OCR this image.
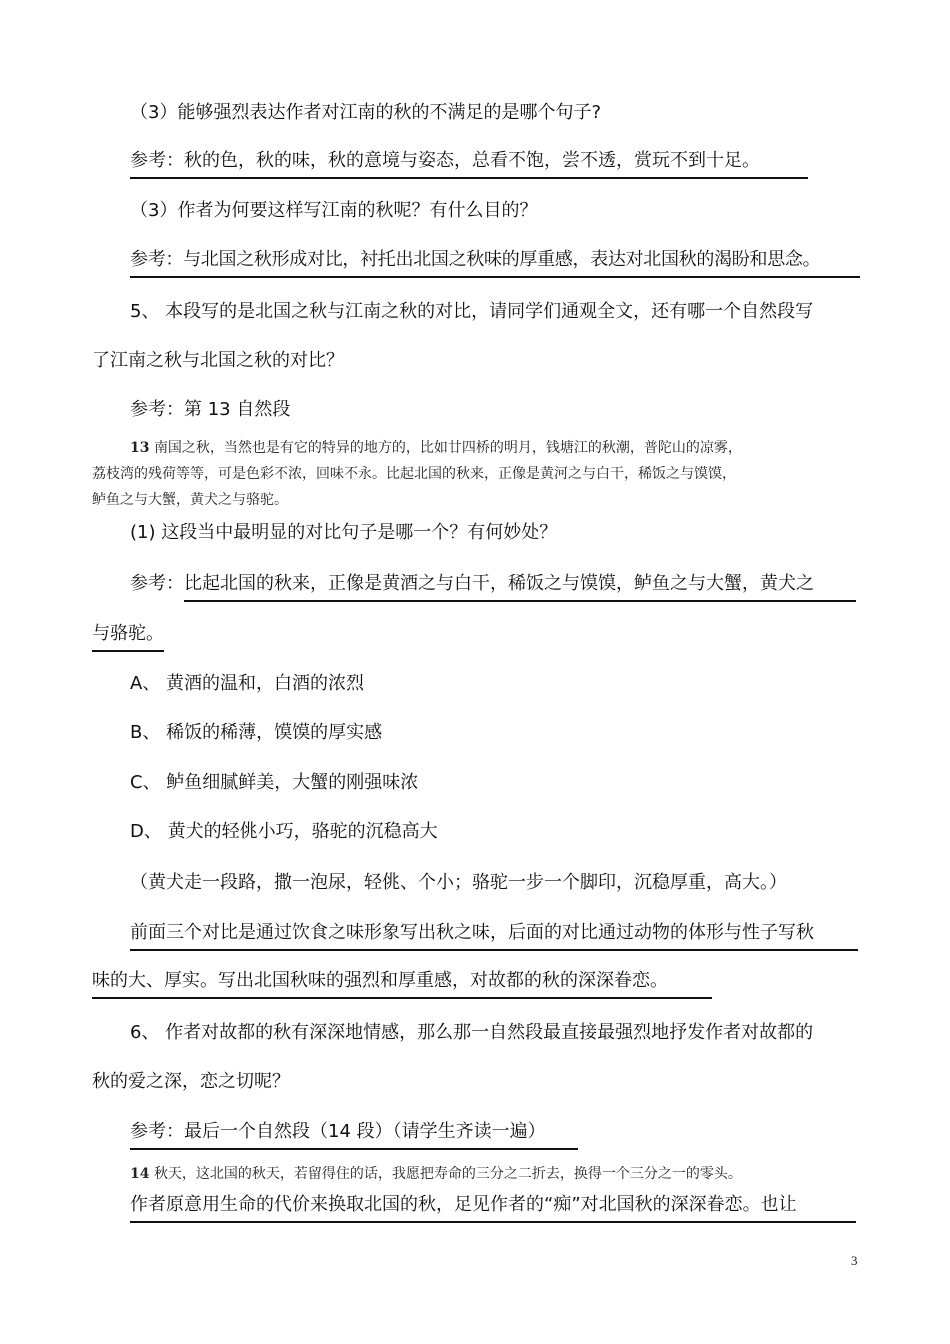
（3）能够强烈表达作者对江南的秋的不满足的是哪个句子?
参考：秋的色，秋的味，秋的意境与姿态，总看不饱，尝不透，赏玩不到十足。
（3）作者为何要这样写江南的秋呢？有什么目的？
参考：与北国之秋形成对比，衬托出北国之秋味的厚重感，表达对北国秋的渴盼和思念。
5、 本段写的是北国之秋与江南之秋的对比，请同学们通观全文，还有哪一个自然段写
了江南之秋与北国之秋的对比？
参考：第 13 自然段
13 南国之秋，当然也是有它的特异的地方的，比如廿四桥的明月，钱塘江的秋潮，普陀山的凉雾，
荔枝湾的残荷等等，可是色彩不浓，回味不永。比起北国的秋来，正像是黄河之与白干，稀饭之与馍馍，
鲈鱼之与大蟹，黄犬之与骆驼。
(1) 这段当中最明显的对比句子是哪一个？有何妙处？
参考：比起北国的秋来，正像是黄酒之与白干，稀饭之与馍馍，鲈鱼之与大蟹，黄犬之
与骆驼。
A、 黄酒的温和，白酒的浓烈
B、 稀饭的稀薄，馍馍的厚实感
C、 鲈鱼细腻鲜美，大蟹的刚强味浓
D、 黄犬的轻佻小巧，骆驼的沉稳高大
（黄犬走一段路，撒一泡尿，轻佻、个小；骆驼一步一个脚印，沉稳厚重，高大。）
前面三个对比是通过饮食之味形象写出秋之味，后面的对比通过动物的体形与性子写秋
味的大、厚实。写出北国秋味的强烈和厚重感，对故都的秋的深深眷恋。
6、 作者对故都的秋有深深地情感，那么那一自然段最直接最强烈地抒发作者对故都的
秋的爱之深，恋之切呢？
参考：最后一个自然段（14 段）（请学生齐读一遍）
14 秋天，这北国的秋天，若留得住的话，我愿把寿命的三分之二折去，换得一个三分之一的零头。
作者原意用生命的代价来换取北国的秋，足见作者的“痴”对北国秋的深深眷恋。也让
3
